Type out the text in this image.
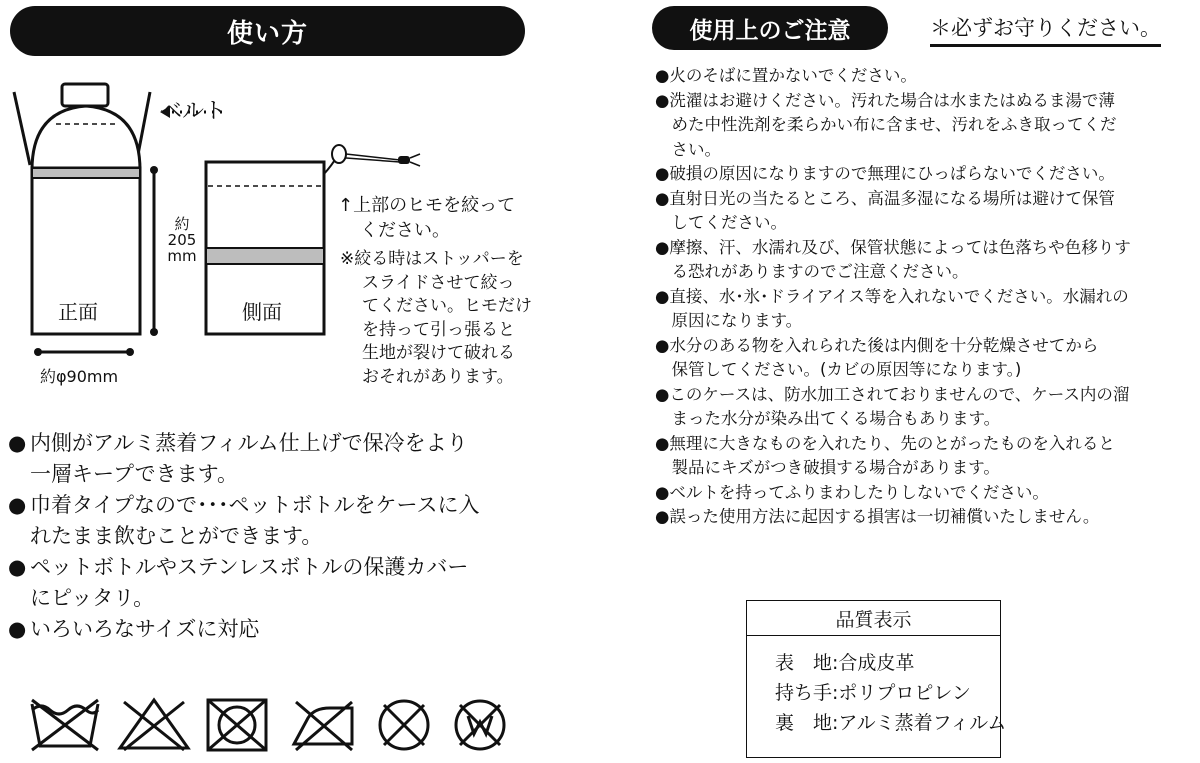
使い方
ベルト
正面	側面
約
205
mm
約φ90mm
↑上部のヒモを絞って
ください。
※絞る時はストッパーを
スライドさせて絞っ
てください。ヒモだけ
を持って引っ張ると
生地が裂けて破れる
おそれがあります。
● 内側がアルミ蒸着フィルム仕上げで保冷をより
一層キープできます。
● 巾着タイプなので･･･ペットボトルをケースに入
れたまま飲むことができます。
● ペットボトルやステンレスボトルの保護カバー
にピッタリ。
● いろいろなサイズに対応
使用上のご注意	＊必ずお守りください。
●火のそばに置かないでください。
●洗濯はお避けください。汚れた場合は水またはぬるま湯で薄
めた中性洗剤を柔らかい布に含ませ、汚れをふき取ってくだ
さい。
●破損の原因になりますので無理にひっぱらないでください。
●直射日光の当たるところ、高温多湿になる場所は避けて保管
してください。
●摩擦、汗、水濡れ及び、保管状態によっては色落ちや色移りす
る恐れがありますのでご注意ください。
●直接、水･氷･ドライアイス等を入れないでください。水漏れの
原因になります。
●水分のある物を入れられた後は内側を十分乾燥させてから
保管してください。(カビの原因等になります。)
●このケースは、防水加工されておりませんので、ケース内の溜
まった水分が染み出てくる場合もあります。
●無理に大きなものを入れたり、先のとがったものを入れると
製品にキズがつき破損する場合があります。
●ベルトを持ってふりまわしたりしないでください。
●誤った使用方法に起因する損害は一切補償いたしません。
品質表示
表　地:合成皮革
持ち手:ポリプロピレン
裏　地:アルミ蒸着フィルム
